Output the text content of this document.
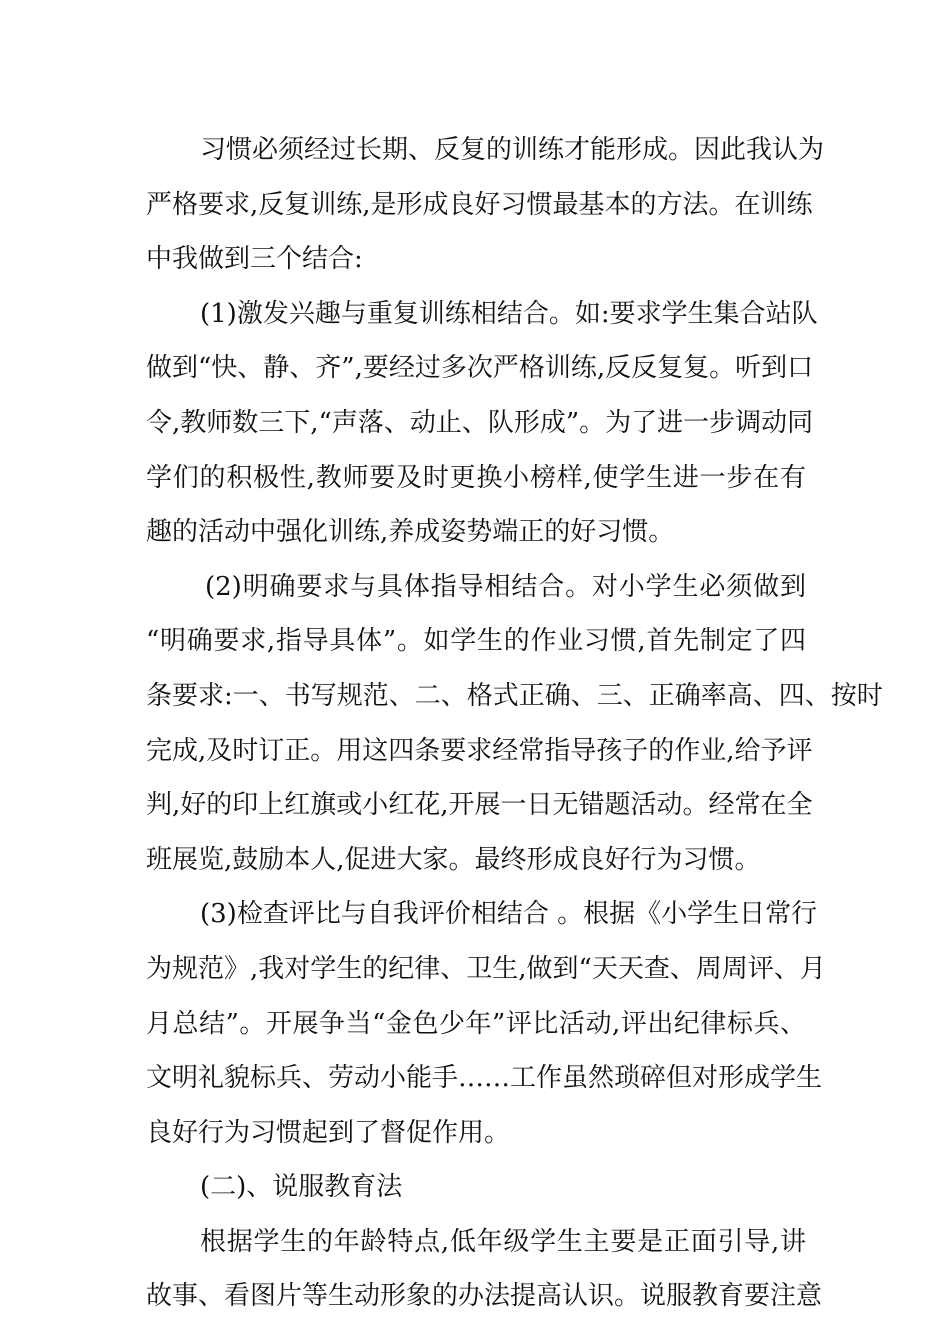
习惯必须经过长期、反复的训练才能形成。因此我认为

严格要求,反复训练,是形成良好习惯最基本的方法。在训练

中我做到三个结合:

(1)激发兴趣与重复训练相结合。如:要求学生集合站队

做到“快、静、齐”,要经过多次严格训练,反反复复。听到口

令,教师数三下,“声落、动止、队形成”。为了进一步调动同

学们的积极性,教师要及时更换小榜样,使学生进一步在有

趣的活动中强化训练,养成姿势端正的好习惯。

(2)明确要求与具体指导相结合。对小学生必须做到

“明确要求,指导具体”。如学生的作业习惯,首先制定了四

条要求:一、书写规范、二、格式正确、三、正确率高、四、按时

完成,及时订正。用这四条要求经常指导孩子的作业,给予评

判,好的印上红旗或小红花,开展一日无错题活动。经常在全

班展览,鼓励本人,促进大家。最终形成良好行为习惯。

(3)检查评比与自我评价相结合 。根据《小学生日常行

为规范》,我对学生的纪律、卫生,做到“天天查、周周评、月

月总结”。开展争当“金色少年”评比活动,评出纪律标兵、

文明礼貌标兵、劳动小能手……工作虽然琐碎但对形成学生

良好行为习惯起到了督促作用。

(二)、说服教育法

根据学生的年龄特点,低年级学生主要是正面引导,讲

故事、看图片等生动形象的办法提高认识。说服教育要注意
